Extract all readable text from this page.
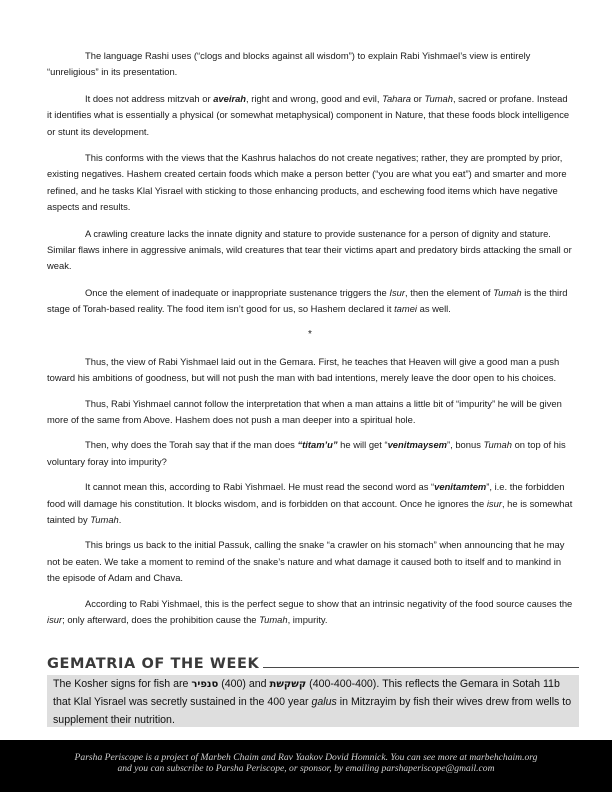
The language Rashi uses (“clogs and blocks against all wisdom”) to explain Rabi Yishmael’s view is entirely “unreligious” in its presentation.

It does not address mitzvah or aveirah, right and wrong, good and evil, Tahara or Tumah, sacred or profane. Instead it identifies what is essentially a physical (or somewhat metaphysical) component in Nature, that these foods block intelligence or stunt its development.

This conforms with the views that the Kashrus halachos do not create negatives; rather, they are prompted by prior, existing negatives. Hashem created certain foods which make a person better (“you are what you eat”) and smarter and more refined, and he tasks Klal Yisrael with sticking to those enhancing products, and eschewing food items which have negative aspects and results.

A crawling creature lacks the innate dignity and stature to provide sustenance for a person of dignity and stature. Similar flaws inhere in aggressive animals, wild creatures that tear their victims apart and predatory birds attacking the small or weak.

Once the element of inadequate or inappropriate sustenance triggers the Isur, then the element of Tumah is the third stage of Torah-based reality. The food item isn’t good for us, so Hashem declared it tamei as well.

*

Thus, the view of Rabi Yishmael laid out in the Gemara. First, he teaches that Heaven will give a good man a push toward his ambitions of goodness, but will not push the man with bad intentions, merely leave the door open to his choices.

Thus, Rabi Yishmael cannot follow the interpretation that when a man attains a little bit of “impurity” he will be given more of the same from Above. Hashem does not push a man deeper into a spiritual hole.

Then, why does the Torah say that if the man does “titam’u” he will get “venitmaysem”, bonus Tumah on top of his voluntary foray into impurity?

It cannot mean this, according to Rabi Yishmael. He must read the second word as “venitamtem”, i.e. the forbidden food will damage his constitution. It blocks wisdom, and is forbidden on that account. Once he ignores the isur, he is somewhat tainted by Tumah.

This brings us back to the initial Passuk, calling the snake “a crawler on his stomach” when announcing that he may not be eaten. We take a moment to remind of the snake’s nature and what damage it caused both to itself and to mankind in the episode of Adam and Chava.

According to Rabi Yishmael, this is the perfect segue to show that an intrinsic negativity of the food source causes the isur; only afterward, does the prohibition cause the Tumah, impurity.

GEMATRIA OF THE WEEK
The Kosher signs for fish are סנפיר (400) and קשקשת (400-400-400). This reflects the Gemara in Sotah 11b that Klal Yisrael was secretly sustained in the 400 year galus in Mitzrayim by fish their wives drew from wells to supplement their nutrition.
Parsha Periscope is a project of Marbeh Chaim and Rav Yaakov Dovid Homnick. You can see more at marbehchaim.org
and you can subscribe to Parsha Periscope, or sponsor, by emailing parshaperiscope@gmail.com
